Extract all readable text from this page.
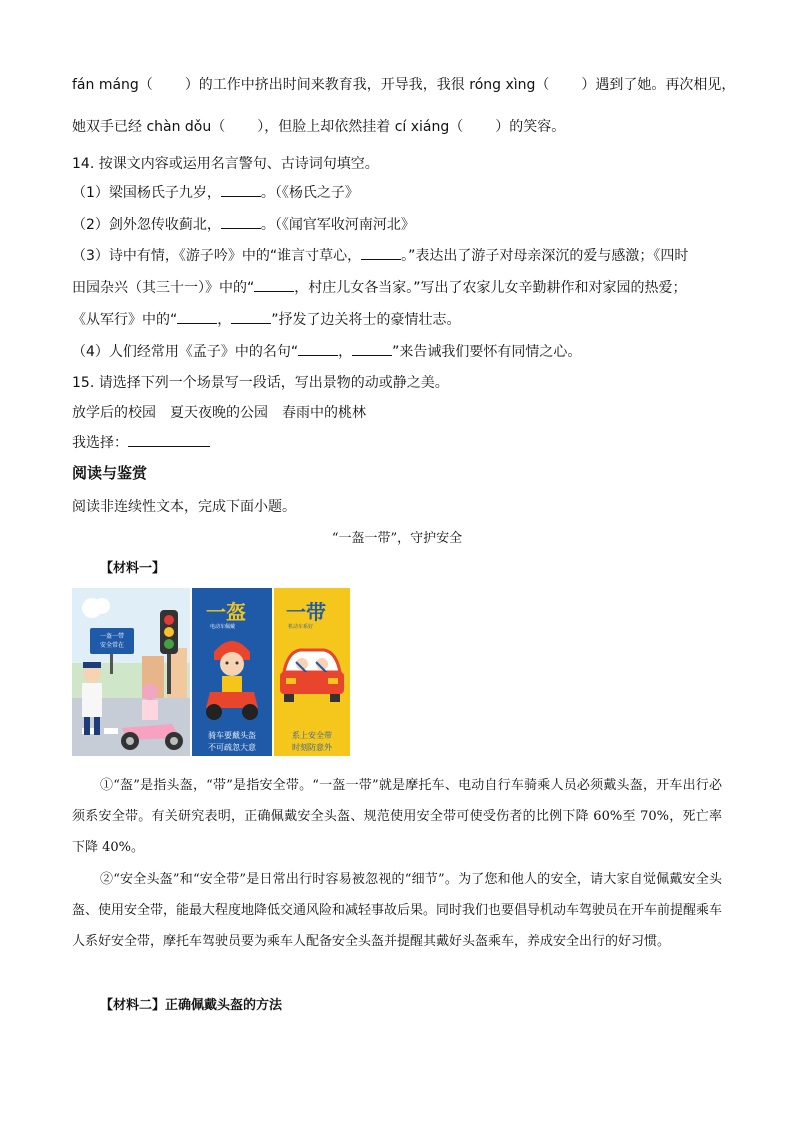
fán máng（ ）的工作中挤出时间来教育我，开导我，我很 róng xìng（ ）遇到了她。再次相见，
她双手已经 chàn dǒu（ ），但脸上却依然挂着 cí xiáng（ ）的笑容。
14. 按课文内容或运用名言警句、古诗词句填空。
（1）梁国杨氏子九岁，	。（《杨氏之子》
（2）剑外忽传收蓟北，	。（《闻官军收河南河北》
（3）诗中有情，《游子吟》中的“谁言寸草心，	。”表达出了游子对母亲深沉的爱与感激；《四时
田园杂兴（其三十一）》中的“	，村庄儿女各当家。”写出了农家儿女辛勤耕作和对家园的热爱；
《从军行》中的“	，	”抒发了边关将士的豪情壮志。
（4）人们经常用《孟子》中的名句“	，	”来告诫我们要怀有同情之心。
15. 请选择下列一个场景写一段话，写出景物的动或静之美。
放学后的校园　夏天夜晚的公园　春雨中的桃林
我选择：
阅读与鉴赏
阅读非连续性文本，完成下面小题。
“一盔一带”，守护安全
【材料一】
一盔一带
安全常在
一盔
电动车佩戴
骑车要戴头盔
不可疏忽大意
一带
机动车系好
系上安全带
时刻防意外
①“盔”是指头盔，“带”是指安全带。“一盔一带”就是摩托车、电动自行车骑乘人员必须戴头盔，开车出行必须系安全带。有关研究表明，正确佩戴安全头盔、规范使用安全带可使受伤者的比例下降 60%至 70%，死亡率下降 40%。
②“安全头盔”和“安全带”是日常出行时容易被忽视的“细节”。为了您和他人的安全，请大家自觉佩戴安全头盔、使用安全带，能最大程度地降低交通风险和减轻事故后果。同时我们也要倡导机动车驾驶员在开车前提醒乘车人系好安全带，摩托车驾驶员要为乘车人配备安全头盔并提醒其戴好头盔乘车，养成安全出行的好习惯。
【材料二】正确佩戴头盔的方法
